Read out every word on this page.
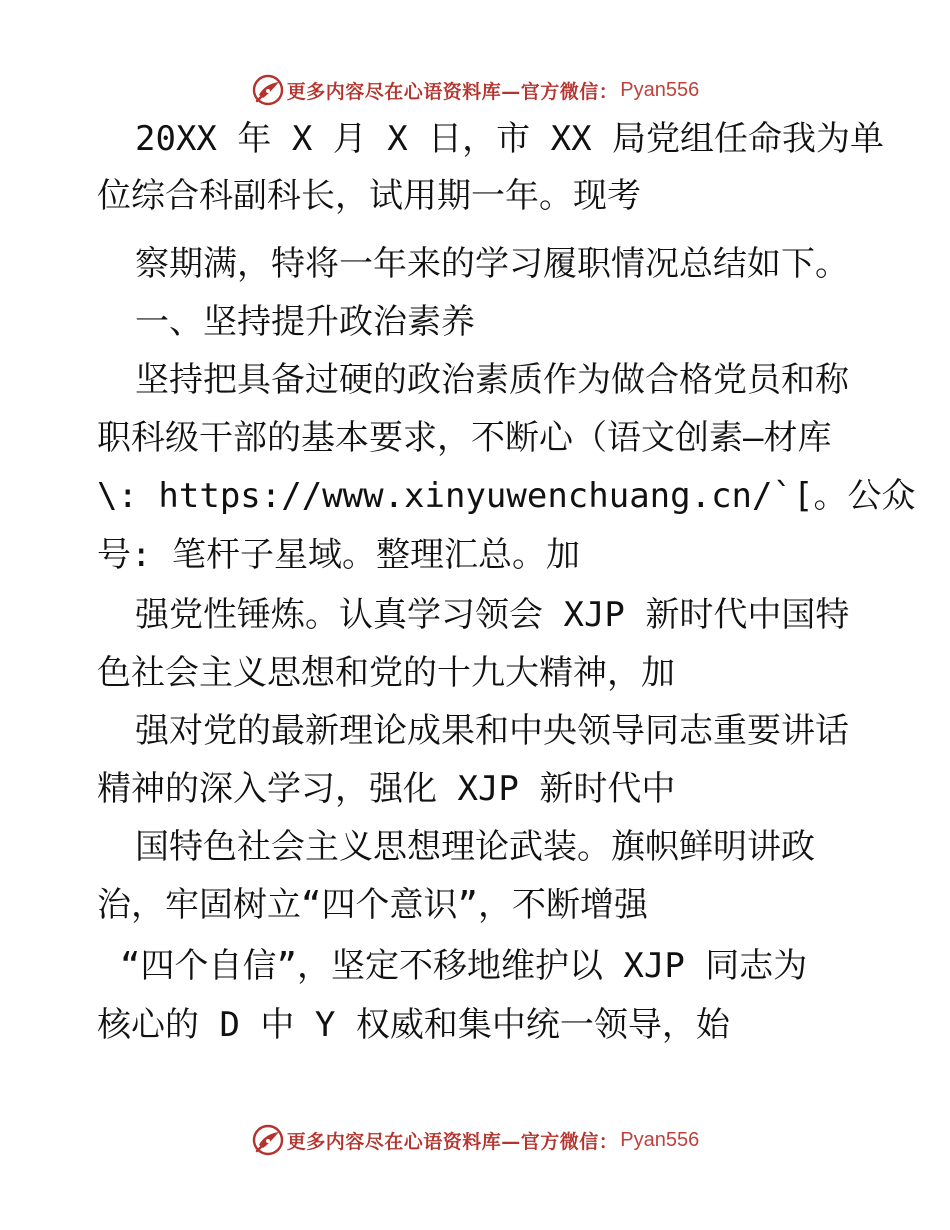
更多内容尽在心语资料库—官方微信： Pyan556
20XX 年 X 月 X 日，市 XX 局党组任命我为单
位综合科副科长，试用期一年。现考
察期满，特将一年来的学习履职情况总结如下。
一、坚持提升政治素养
坚持把具备过硬的政治素质作为做合格党员和称
职科级干部的基本要求，不断心（语文创素—材库
\: https://www.xinyuwenchuang.cn/`[。公众
号: 笔杆子星域。整理汇总。加
强党性锤炼。认真学习领会 XJP 新时代中国特
色社会主义思想和党的十九大精神，加
强对党的最新理论成果和中央领导同志重要讲话
精神的深入学习，强化 XJP 新时代中
国特色社会主义思想理论武装。旗帜鲜明讲政
治，牢固树立“四个意识”，不断增强
“四个自信”，坚定不移地维护以 XJP 同志为
核心的 D 中 Y 权威和集中统一领导，始
更多内容尽在心语资料库—官方微信： Pyan556
